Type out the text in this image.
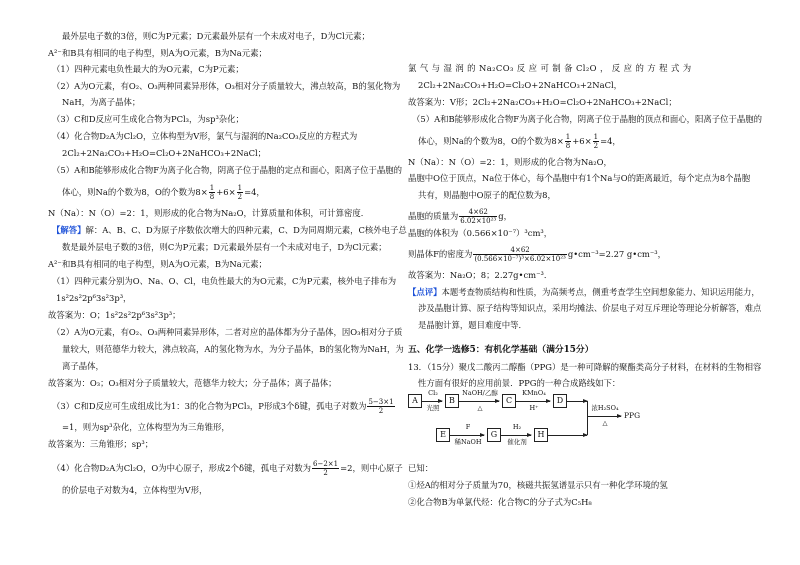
最外层电子数的3倍，则C为P元素；D元素最外层有一个未成对电子，D为Cl元素；
A²⁻和B具有相同的电子构型，则A为O元素，B为Na元素；
（1）四种元素电负性最大的为O元素，C为P元素；
（2）A为O元素，有O₂、O₃两种同素异形体，O₃相对分子质量较大，沸点较高，B的氢化物为
NaH，为离子晶体；
（3）C和D反应可生成化合物为PCl₃，为sp³杂化；
（4）化合物D₂A为Cl₂O，立体构型为V形，氯气与湿润的Na₂CO₃反应的方程式为
2Cl₂+2Na₂CO₃+H₂O=Cl₂O+2NaHCO₃+2NaCl；
（5）A和B能够形成化合物F为离子化合物，阴离子位于晶胞的定点和面心，阳离子位于晶胞的
体心，则Na的个数为8，O的个数为$8\times \frac{1}{8} +6\times \frac{1}{2} =4$，
N（Na）：N（O）=2：1，则形成的化合物为Na₂O，计算质量和体积，可计算密度．
【解答】解：A、B、C、D为原子序数依次增大的四种元素，C、D为同周期元素，C核外电子总
数是最外层电子数的3倍，则C为P元素；D元素最外层有一个未成对电子，D为Cl元素；
A²⁻和B具有相同的电子构型，则A为O元素，B为Na元素；
（1）四种元素分别为O、Na、O、Cl，电负性最大的为O元素，C为P元素，核外电子排布为
1s²2s²2p⁶3s²3p³，
故答案为：O；1s²2s²2p⁶3s²3p³；
（2）A为O元素，有O₂、O₃两种同素异形体，二者对应的晶体都为分子晶体，因O₃相对分子质
量较大，则范德华力较大，沸点较高，A的氢化物为水，为分子晶体，B的氢化物为NaH，为
离子晶体，
故答案为：O₃；O₃相对分子质量较大，范德华力较大；分子晶体；离子晶体；
（3）C和D反应可生成组成比为1：3的化合物为PCl₃，P形成3个δ键，孤电子对数为 $\frac{5-3\times 1}{2}$
=1，则为sp³杂化，立体构型为为三角锥形，
故答案为：三角锥形；sp³；
（4）化合物D₂A为Cl₂O，O为中心原子，形成2个δ键，孤电子对数为 $\frac{6-2\times 1}{2} =2$，则中心原子
的价层电子对数为4，立体构型为V形，
氯 气 与 湿 润 的 Na₂CO₃ 反 应 可 制 备 Cl₂O ， 反 应 的 方 程 式 为
2Cl₂+2Na₂CO₃+H₂O=Cl₂O+2NaHCO₃+2NaCl，
故答案为：V形；2Cl₂+2Na₂CO₃+H₂O=Cl₂O+2NaHCO₃+2NaCl；
（5）A和B能够形成化合物F为离子化合物，阴离子位于晶胞的顶点和面心，阳离子位于晶胞的
体心，则Na的个数为8，O的个数为$8\times \frac{1}{8} +6\times \frac{1}{2} =4$，
N（Na）：N（O）=2：1，则形成的化合物为Na₂O，
晶胞中O位于顶点，Na位于体心，每个晶胞中有1个Na与O的距离最近，每个定点为8个晶胞
共有，则晶胞中O原子的配位数为8，
晶胞的质量为 $\frac{4\times 62}{\text{6.02×10²³}}$ g，
晶胞的体积为（0.566×10⁻⁷）³cm³，
则晶体F的密度为 $\frac{4\times 62}{\text{(0.566×10⁻⁷)³×6.02×10²³}}$ g•cm⁻³=2.27 g•cm⁻³，
故答案为：Na₂O；8；2.27g•cm⁻³．
【点评】本题考查物质结构和性质，为高频考点，侧重考查学生空间想象能力、知识运用能力，
涉及晶胞计算、原子结构等知识点，采用均摊法、价层电子对互斥理论等理论分析解答，难点
是晶胞计算，题目难度中等．
五、化学一选修5：有机化学基础（满分15分）
13．（15分）聚戊二酸丙二醇酯（PPG）是一种可降解的聚酯类高分子材料，在材料的生物相容
性方面有很好的应用前景．PPG的一种合成路线如下：
A
Cl₂
光照
B
NaOH/乙醇
△
C
KMnO₄
H⁺
D
E
F
稀NaOH
G
H₂
催化剂
H
浓H₂SO₄
△
PPG
已知：
①烃A的相对分子质量为70，核磁共振氢谱显示只有一种化学环境的氢
②化合物B为单氯代烃：化合物C的分子式为C₅H₈
